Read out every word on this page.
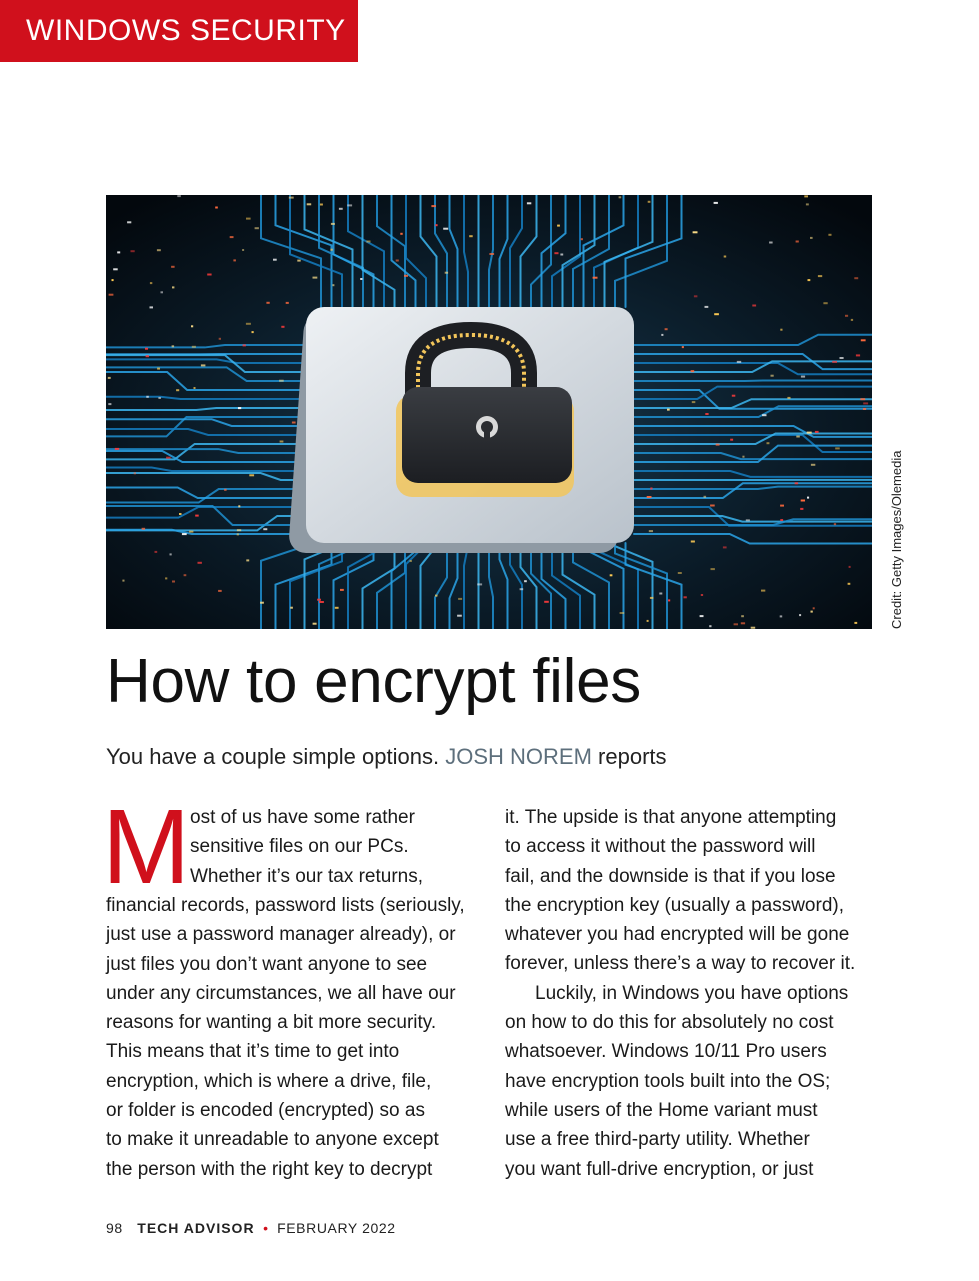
WINDOWS SECURITY
Credit: Getty Images/Olemedia
How to encrypt files

You have a couple simple options. JOSH NOREM reports

M ost of us have some rather
sensitive files on our PCs.
Whether it’s our tax returns,
financial records, password lists (seriously,
just use a password manager already), or
just files you don’t want anyone to see
under any circumstances, we all have our
reasons for wanting a bit more security.
This means that it’s time to get into
encryption, which is where a drive, file,
or folder is encoded (encrypted) so as
to make it unreadable to anyone except
the person with the right key to decrypt
it. The upside is that anyone attempting
to access it without the password will
fail, and the downside is that if you lose
the encryption key (usually a password),
whatever you had encrypted will be gone
forever, unless there’s a way to recover it.
Luckily, in Windows you have options
on how to do this for absolutely no cost
whatsoever. Windows 10/11 Pro users
have encryption tools built into the OS;
while users of the Home variant must
use a free third-party utility. Whether
you want full-drive encryption, or just
98 TECH ADVISOR • FEBRUARY 2022
